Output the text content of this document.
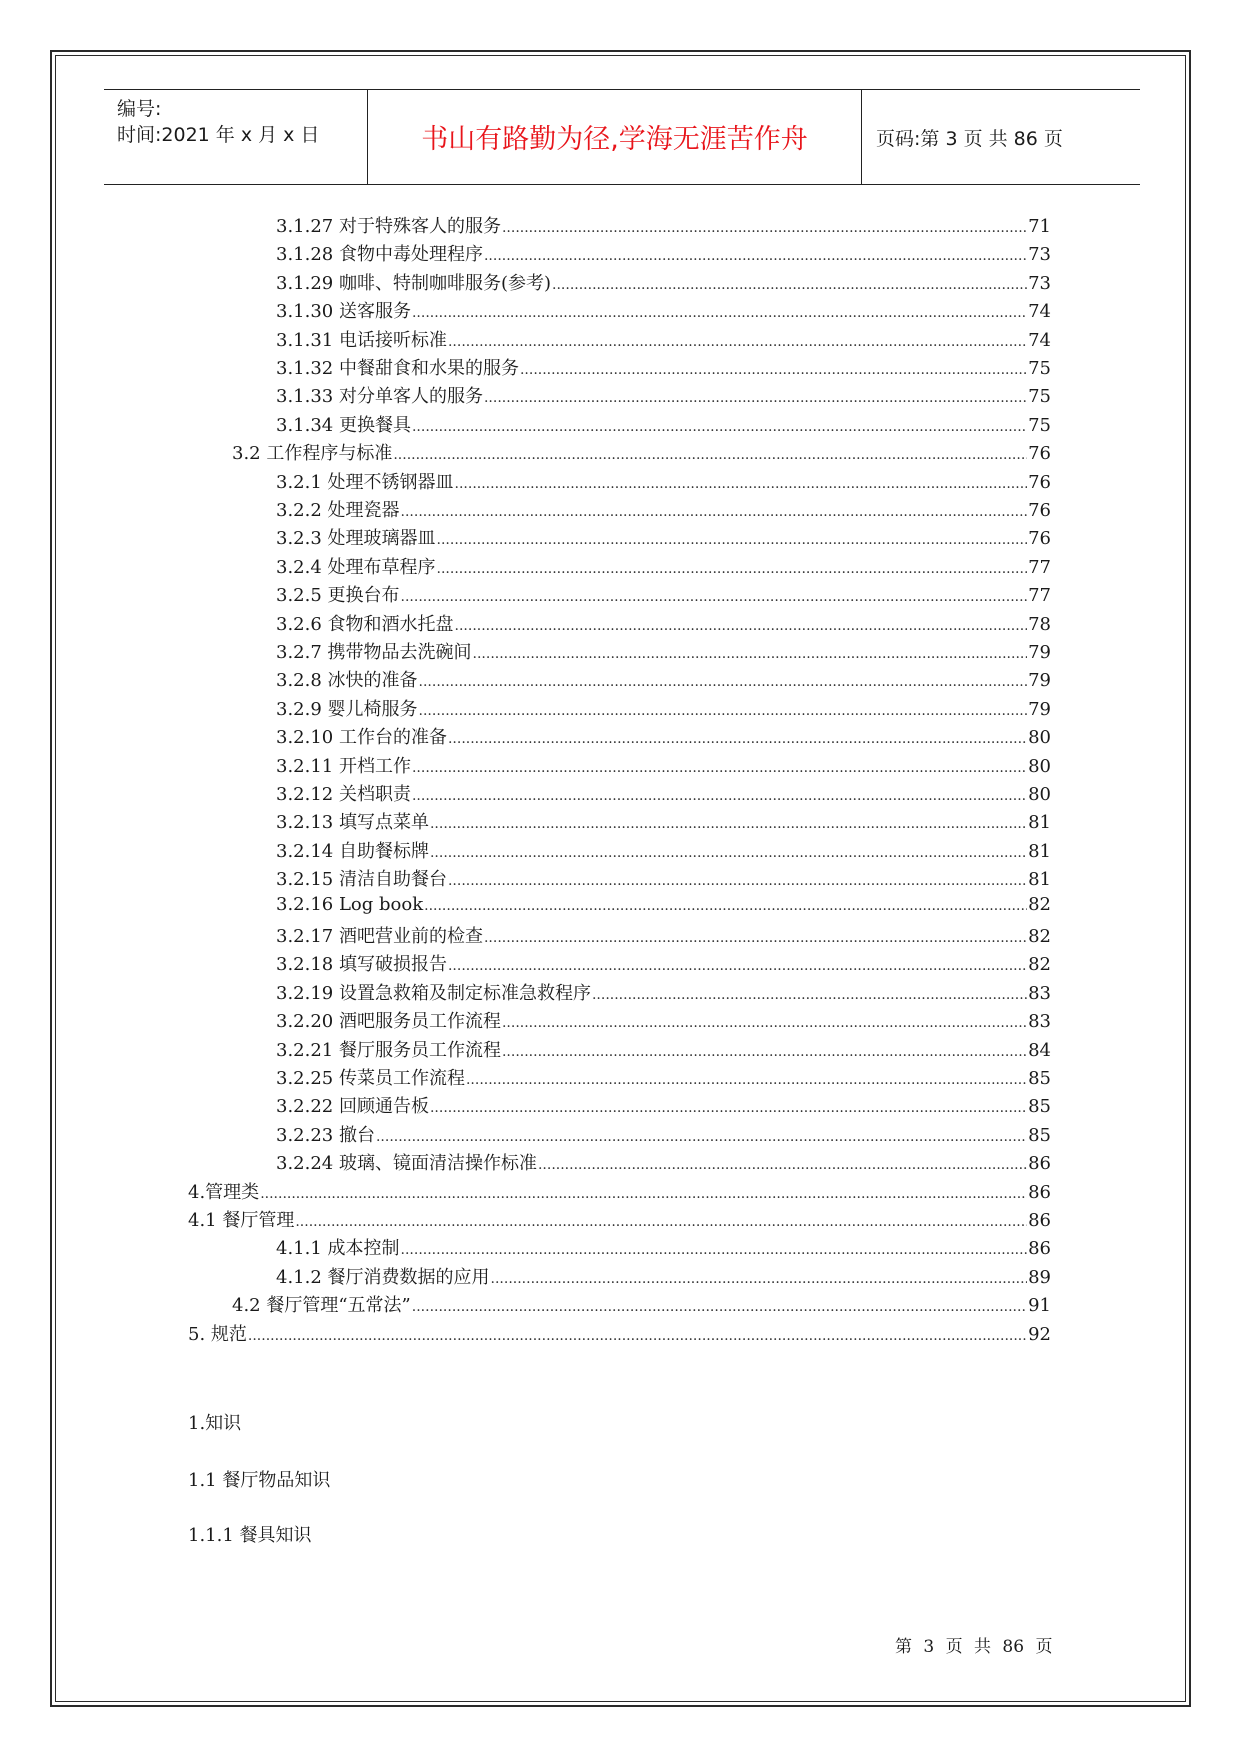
编号:
时间:2021 年 x 月 x 日	书山有路勤为径,学海无涯苦作舟	页码:第 3 页 共 86 页
3.1.27 对于特殊客人的服务 .....	71
3.1.28 食物中毒处理程序 .....	73
3.1.29 咖啡、特制咖啡服务(参考) .....	73
3.1.30 送客服务 .....	74
3.1.31 电话接听标准 .....	74
3.1.32 中餐甜食和水果的服务 .....	75
3.1.33 对分单客人的服务 .....	75
3.1.34 更换餐具 .....	75
3.2 工作程序与标准 .....	76
3.2.1 处理不锈钢器皿 .....	76
3.2.2 处理瓷器 .....	76
3.2.3 处理玻璃器皿 .....	76
3.2.4 处理布草程序 .....	77
3.2.5 更换台布 .....	77
3.2.6 食物和酒水托盘 .....	78
3.2.7 携带物品去洗碗间 .....	79
3.2.8 冰快的准备 .....	79
3.2.9 婴儿椅服务 .....	79
3.2.10 工作台的准备 .....	80
3.2.11 开档工作 .....	80
3.2.12 关档职责 .....	80
3.2.13 填写点菜单 .....	81
3.2.14 自助餐标牌 .....	81
3.2.15 清洁自助餐台 .....	81
3.2.16 Log book .....	82
3.2.17 酒吧营业前的检查 .....	82
3.2.18 填写破损报告 .....	82
3.2.19 设置急救箱及制定标准急救程序 .....	83
3.2.20 酒吧服务员工作流程 .....	83
3.2.21 餐厅服务员工作流程 .....	84
3.2.25 传菜员工作流程 .....	85
3.2.22 回顾通告板 .....	85
3.2.23 撤台 .....	85
3.2.24 玻璃、镜面清洁操作标准 .....	86
4.管理类 .....	86
4.1 餐厅管理 .....	86
4.1.1 成本控制 .....	86
4.1.2 餐厅消费数据的应用 .....	89
4.2 餐厅管理“五常法” .....	91
5. 规范 .....	92
1.知识
1.1 餐厅物品知识
1.1.1 餐具知识
第 3 页 共 86 页
